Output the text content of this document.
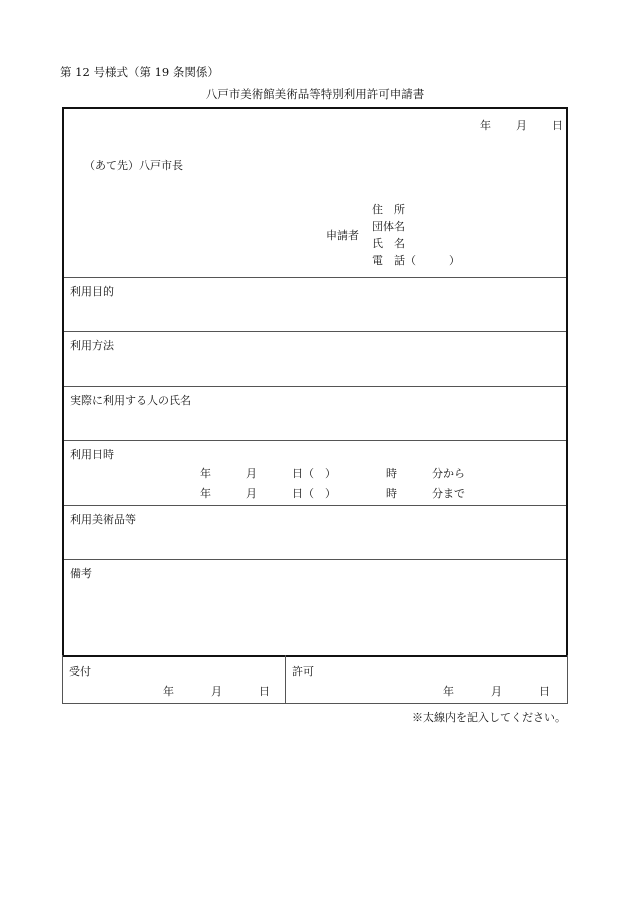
第 12 号様式（第 19 条関係）
八戸市美術館美術品等特別利用許可申請書
年 月 日
（あて先）八戸市長
申請者
住　所
団体名
氏　名
電　話（　　　）
利用目的
利用方法
実際に利用する人の氏名
利用日時
年	月	日（　）	時	分から
年	月	日（　）	時	分まで
利用美術品等
備考
受付
年	月	日
許可
年	月	日
※太線内を記入してください。
